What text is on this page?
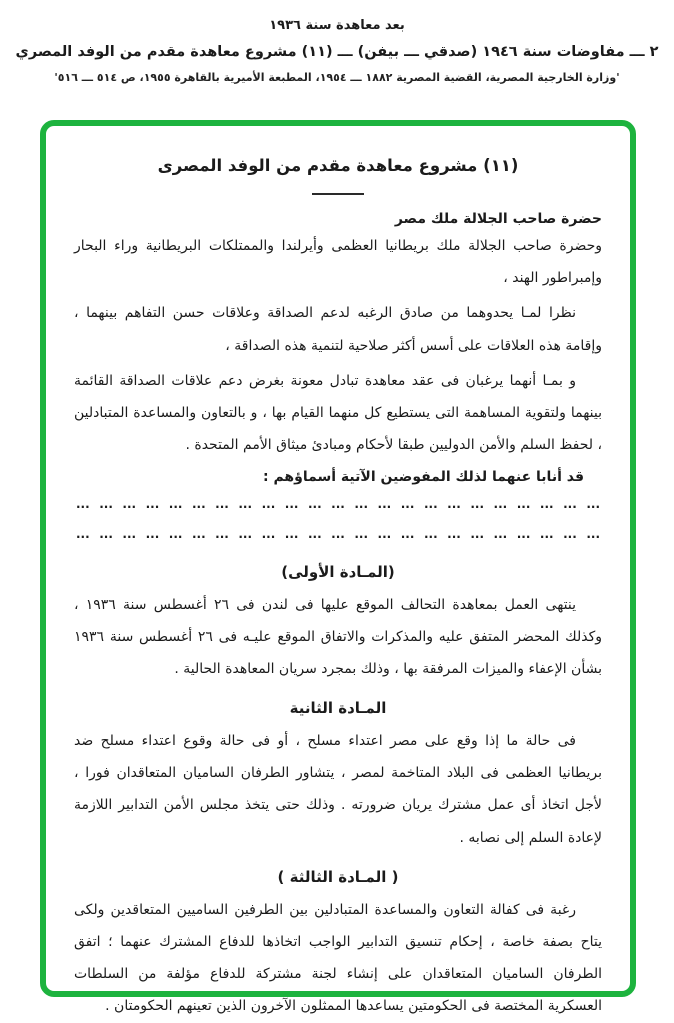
بعد معاهدة سنة ١٩٣٦
٢ ـــ مفاوضات سنة ١٩٤٦ (صدقي ـــ بيفن) ـــ (١١) مشروع معاهدة مقدم من الوفد المصري
'وزارة الخارجية المصرية، القضية المصرية ١٨٨٢ ـــ ١٩٥٤، المطبعة الأميرية بالقاهرة ١٩٥٥، ص ٥١٤ ـــ ٥١٦'
(١١) مشروع معاهدة مقدم من الوفد المصرى
حضرة صاحب الجلالة ملك مصر

وحضرة صاحب الجلالة ملك بريطانيا العظمى وأيرلندا والممتلكات البريطانية وراء البحار وإمبراطور الهند ،

نظرا لمـا يحدوهما من صادق الرغبه لدعم الصداقة وعلاقات حسن التفاهم بينهما ، وإقامة هذه العلاقات على أسس أكثر صلاحية لتنمية هذه الصداقة ،

و بمـا أنهما يرغبان فى عقد معاهدة تبادل معونة بغرض دعم علاقات الصداقة القائمة بينهما ولتقوية المساهمة التى يستطيع كل منهما القيام بها ، و بالتعاون والمساعدة المتبادلين ، لحفظ السلم والأمن الدوليين طبقا لأحكام ومبادئ ميثاق الأمم المتحدة .

قد أنابا عنهما لذلك المفوضين الآتية أسماؤهم :
... ... ... ... ... ... ... ... ... ... ... ... ... ... ... ... ... ... ... ... ... ... ...
... ... ... ... ... ... ... ... ... ... ... ... ... ... ... ... ... ... ... ... ... ... ...
(المـادة الأولى)

ينتهى العمل بمعاهدة التحالف الموقع عليها فى لندن فى ٢٦ أغسطس سنة ١٩٣٦ ، وكذلك المحضر المتفق عليه والمذكرات والاتفاق الموقع عليـه فى ٢٦ أغسطس سنة ١٩٣٦ بشأن الإعفاء والميزات المرفقة بها ، وذلك بمجرد سريان المعاهدة الحالية .

المـادة الثانية

فى حالة ما إذا وقع على مصر اعتداء مسلح ، أو فى حالة وقوع اعتداء مسلح ضد بريطانيا العظمى فى البلاد المتاخمة لمصر ، يتشاور الطرفان الساميان المتعاقدان فورا ، لأجل اتخاذ أى عمل مشترك يريان ضرورته . وذلك حتى يتخذ مجلس الأمن التدابير اللازمة لإعادة السلم إلى نصابه .

( المـادة الثالثة )

رغبة فى كفالة التعاون والمساعدة المتبادلين بين الطرفين الساميين المتعاقدين ولكى يتاح بصفة خاصة ، إحكام تنسيق التدابير الواجب اتخاذها للدفاع المشترك عنهما ؛ اتفق الطرفان الساميان المتعاقدان على إنشاء لجنة مشتركة للدفاع مؤلفة من السلطات العسكرية المختصة فى الحكومتين يساعدها الممثلون الآخرون الذين تعينهم الحكومتان .
